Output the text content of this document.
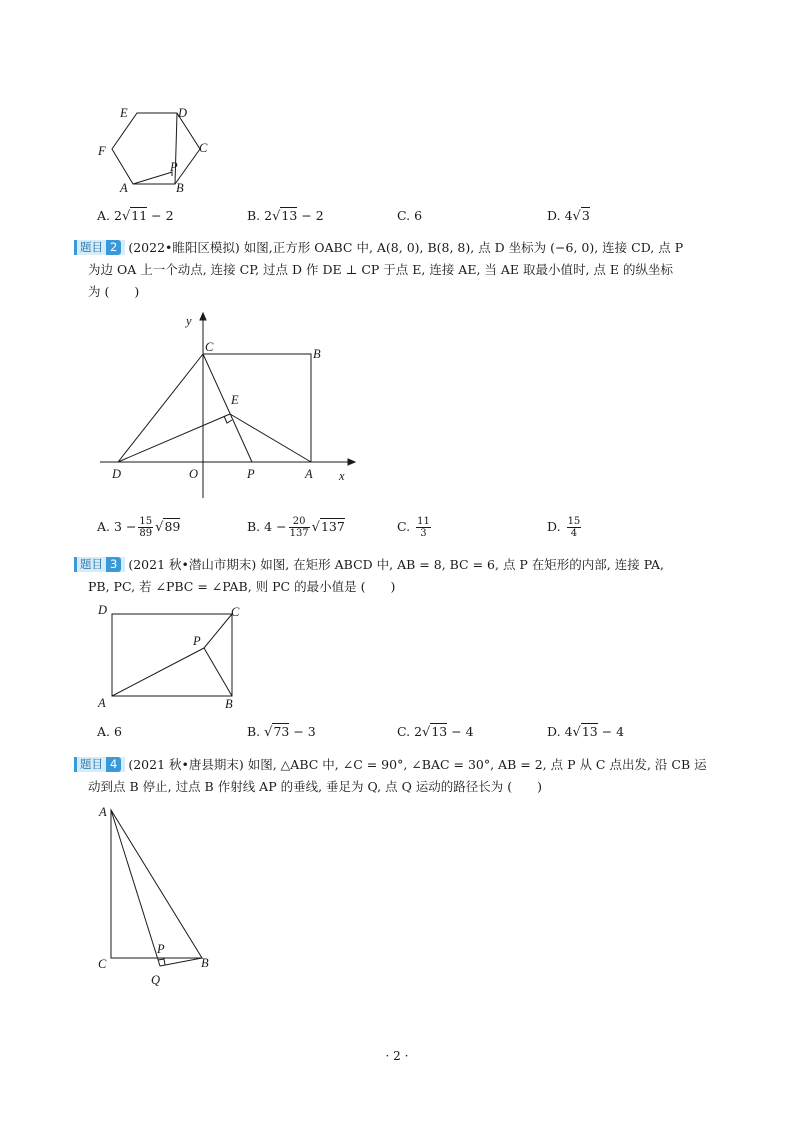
E	D
F	C
P
A	B
A. 2√11 − 2	B. 2√13 − 2	C. 6	D. 4√3
题目 2 (2022•睢阳区模拟) 如图,正方形 OABC 中, A(8, 0), B(8, 8), 点 D 坐标为 (−6, 0), 连接 CD, 点 P
为边 OA 上一个动点, 连接 CP, 过点 D 作 DE ⊥ CP 于点 E, 连接 AE, 当 AE 取最小值时, 点 E 的纵坐标
为 (　　)
y
C	B
E
D	O	P	A x
A. $3 - \frac{15}{89} √89$	B. $4 - \frac{20}{137} √137$	C. $\frac{11}{3}$	D. $\frac{15}{4}$
题目 3 (2021 秋•潜山市期末) 如图, 在矩形 ABCD 中, AB = 8, BC = 6, 点 P 在矩形的内部, 连接 PA,
PB, PC, 若 ∠PBC = ∠PAB, 则 PC 的最小值是 (　　)
D	C
P
A	B
A. 6	B. √73 − 3	C. 2√13 − 4	D. 4√13 − 4
题目 4 (2021 秋•唐县期末) 如图, △ABC 中, ∠C = 90°, ∠BAC = 30°, AB = 2, 点 P 从 C 点出发, 沿 CB 运
动到点 B 停止, 过点 B 作射线 AP 的垂线, 垂足为 Q, 点 Q 运动的路径长为 (　　)
A
C
P
B
Q
· 2 ·
